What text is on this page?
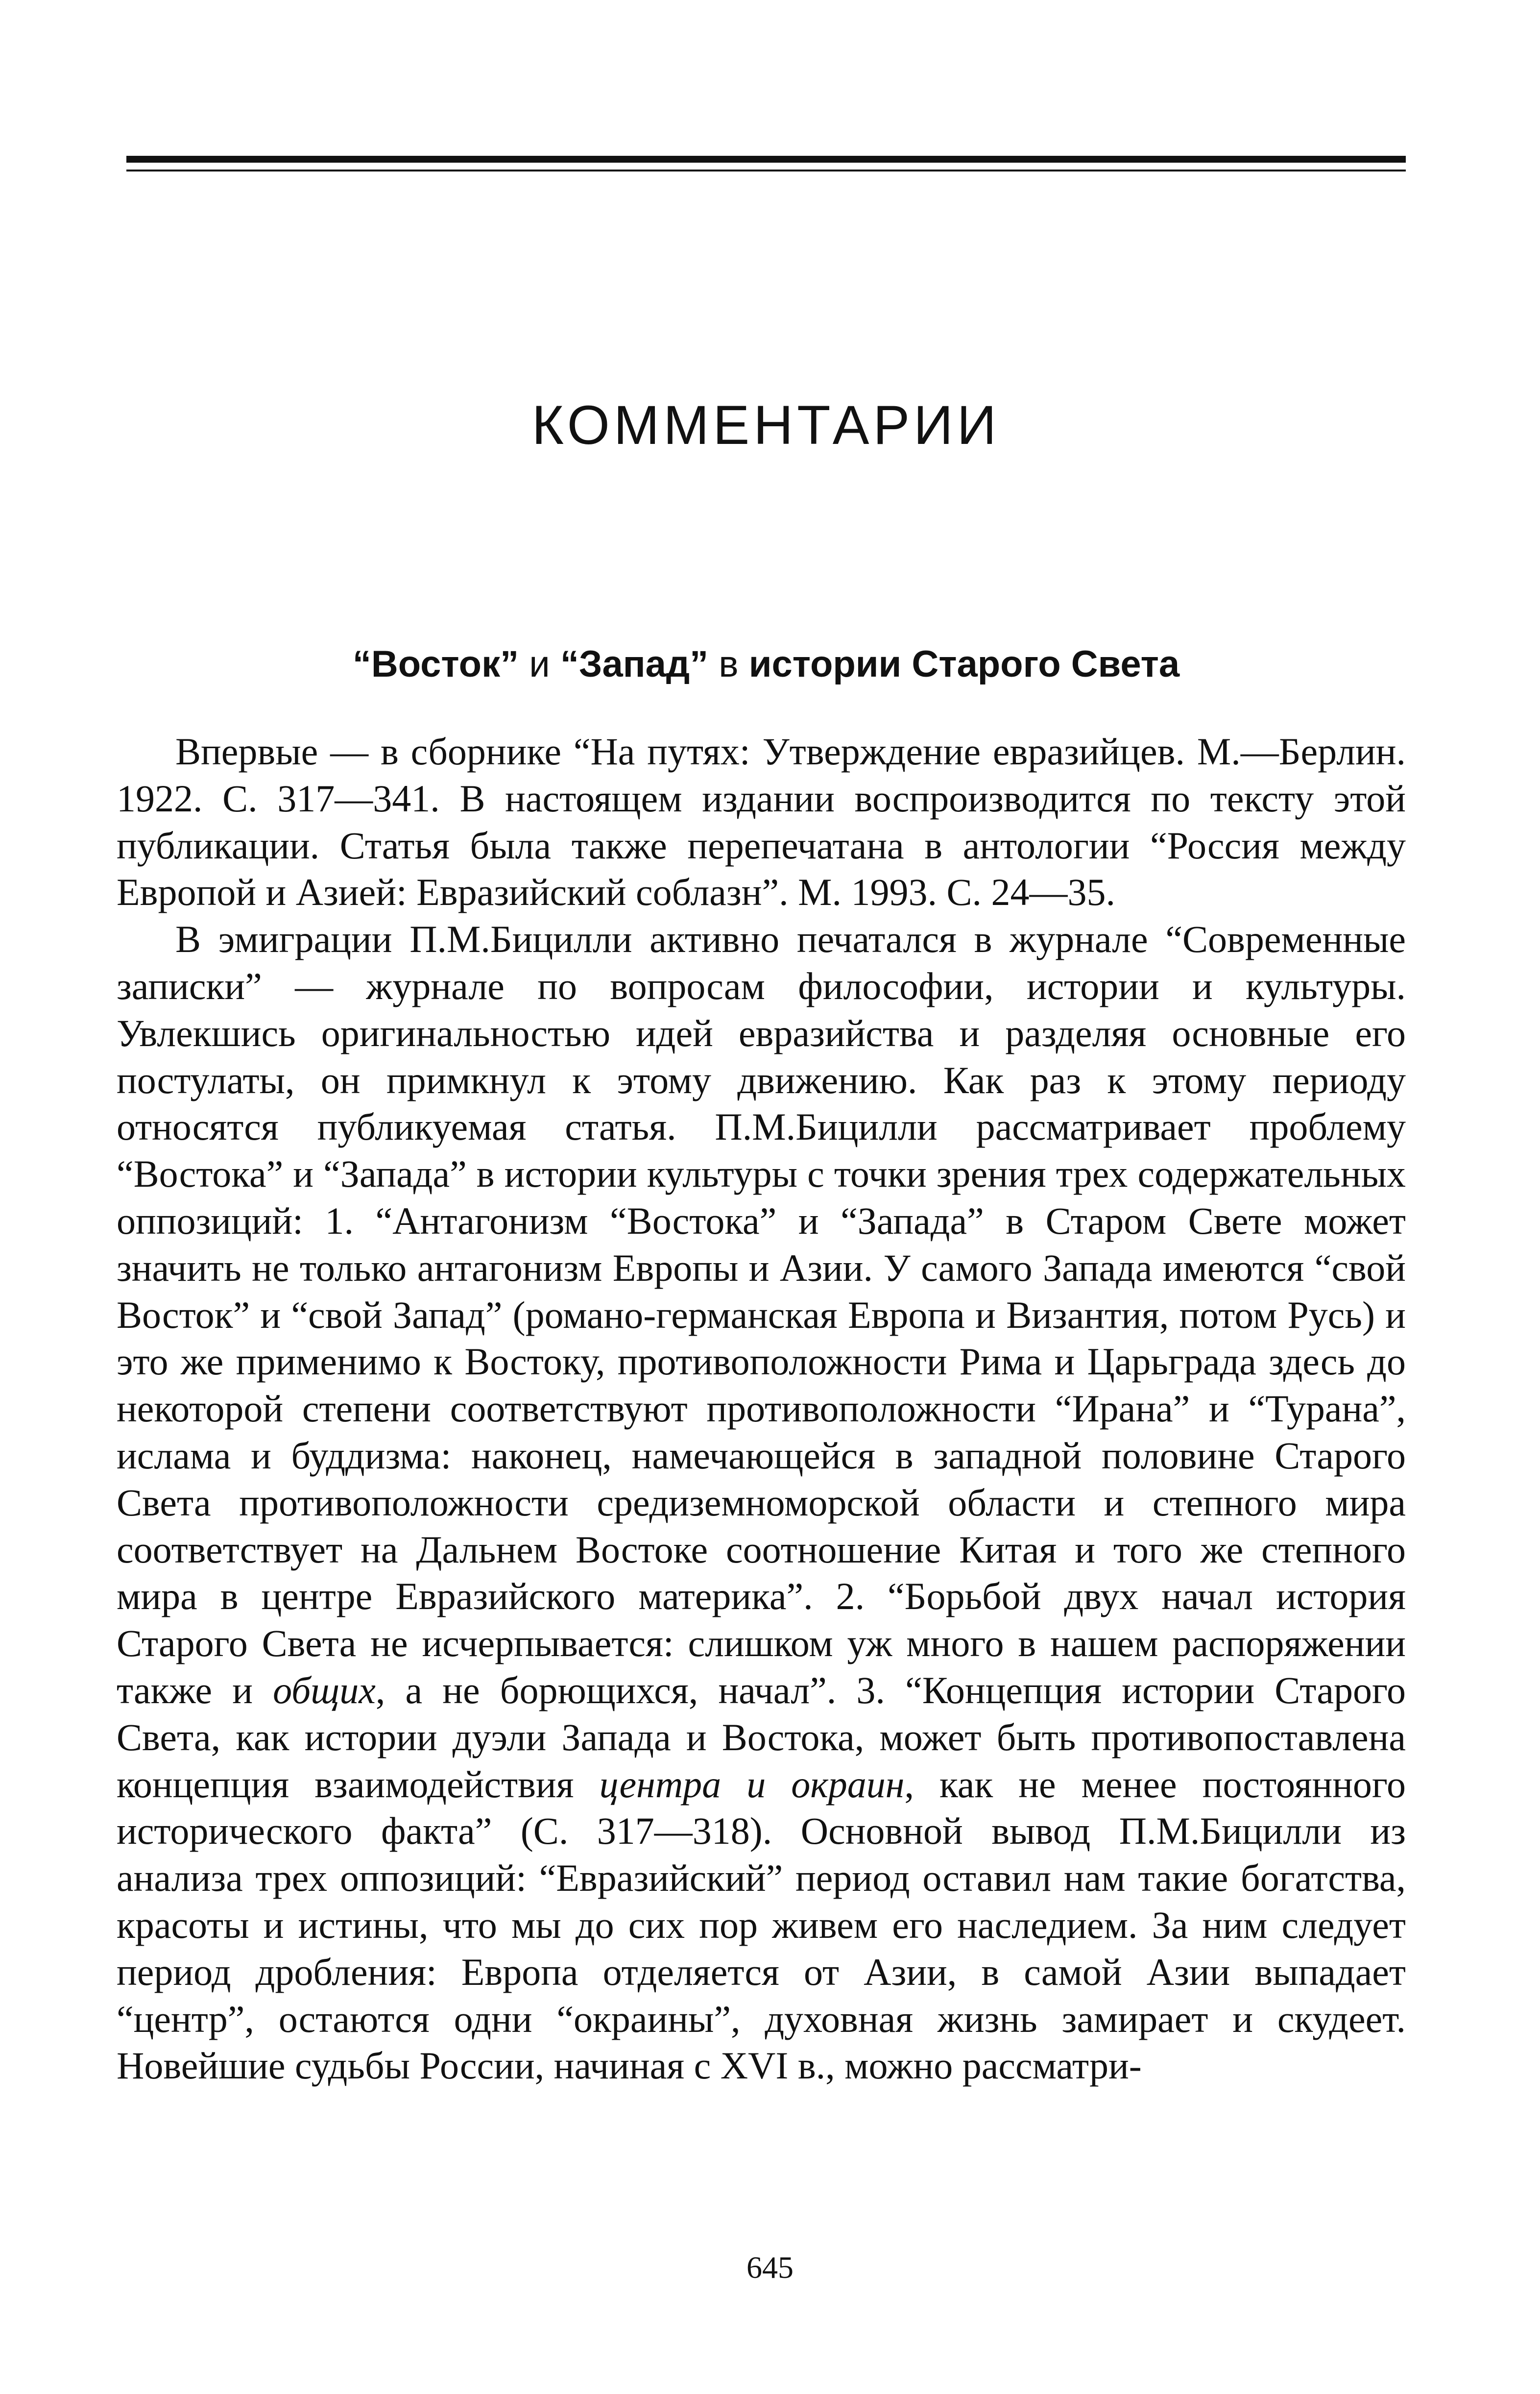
КОММЕНТАРИИ
“Восток” и “Запад” в истории Старого Света

Впервые — в сборнике “На путях: Утверждение евразийцев. М.—Берлин. 1922. С. 317—341. В настоящем издании воспроизводится по тексту этой публикации. Статья была также перепечатана в антологии “Россия между Европой и Азией: Евразийский соблазн”. М. 1993. С. 24—35.

В эмиграции П.М.Бицилли активно печатался в журнале “Современные записки” — журнале по вопросам философии, истории и культуры. Увлекшись оригинальностью идей евразийства и разделяя основные его постулаты, он примкнул к этому движению. Как раз к этому периоду относятся публикуемая статья. П.М.Бицилли рассматривает проблему “Востока” и “Запада” в истории культуры с точки зрения трех содержательных оппозиций: 1. “Антагонизм “Востока” и “Запада” в Старом Свете может значить не только антагонизм Европы и Азии. У самого Запада имеются “свой Восток” и “свой Запад” (романо-германская Европа и Византия, потом Русь) и это же применимо к Востоку, противоположности Рима и Царьграда здесь до некоторой степени соответствуют противоположности “Ирана” и “Турана”, ислама и буддизма: наконец, намечающейся в западной половине Старого Света противоположности средиземноморской области и степного мира соответствует на Дальнем Востоке соотношение Китая и того же степного мира в центре Евразийского материка”. 2. “Борьбой двух начал история Старого Света не исчерпывается: слишком уж много в нашем распоряжении также и общих, а не борющихся, начал”. 3. “Концепция истории Старого Света, как истории дуэли Запада и Востока, может быть противопоставлена концепция взаимодействия центра и окраин, как не менее постоянного исторического факта” (С. 317—318). Основной вывод П.М.Бицилли из анализа трех оппозиций: “Евразийский” период оставил нам такие богатства, красоты и истины, что мы до сих пор живем его наследием. За ним следует период дробления: Европа отделяется от Азии, в самой Азии выпадает “центр”, остаются одни “окраины”, духовная жизнь замирает и скудеет. Новейшие судьбы России, начиная с XVI в., можно рассматри-

645
